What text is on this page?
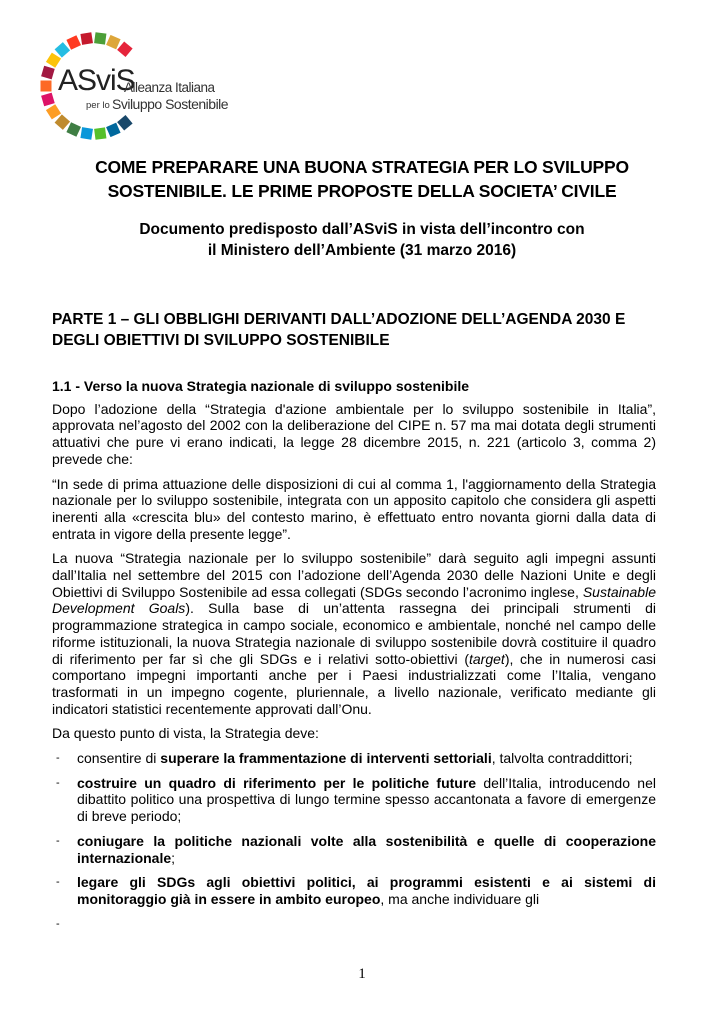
ASviS
Alleanza Italiana
per lo Sviluppo Sostenibile
COME PREPARARE UNA BUONA STRATEGIA PER LO SVILUPPO
SOSTENIBILE. LE PRIME PROPOSTE DELLA SOCIETA’ CIVILE
Documento predisposto dall’ASviS in vista dell’incontro con
il Ministero dell’Ambiente (31 marzo 2016)
PARTE 1 – GLI OBBLIGHI DERIVANTI DALL’ADOZIONE DELL’AGENDA 2030 E
DEGLI OBIETTIVI DI SVILUPPO SOSTENIBILE
1.1 - Verso la nuova Strategia nazionale di sviluppo sostenibile

Dopo l’adozione della “Strategia d'azione ambientale per lo sviluppo sostenibile in Italia”, approvata nel’agosto del 2002 con la deliberazione del CIPE n. 57 ma mai dotata degli strumenti attuativi che pure vi erano indicati, la legge 28 dicembre 2015, n. 221 (articolo 3, comma 2) prevede che:

“In sede di prima attuazione delle disposizioni di cui al comma 1, l'aggiornamento della Strategia nazionale per lo sviluppo sostenibile, integrata con un apposito capitolo che considera gli aspetti inerenti alla «crescita blu» del contesto marino, è effettuato entro novanta giorni dalla data di entrata in vigore della presente legge”.

La nuova “Strategia nazionale per lo sviluppo sostenibile” darà seguito agli impegni assunti dall’Italia nel settembre del 2015 con l’adozione dell’Agenda 2030 delle Nazioni Unite e degli Obiettivi di Sviluppo Sostenibile ad essa collegati (SDGs secondo l’acronimo inglese, Sustainable Development Goals). Sulla base di un’attenta rassegna dei principali strumenti di programmazione strategica in campo sociale, economico e ambientale, nonché nel campo delle riforme istituzionali, la nuova Strategia nazionale di sviluppo sostenibile dovrà costituire il quadro di riferimento per far sì che gli SDGs e i relativi sotto-obiettivi (target), che in numerosi casi comportano impegni importanti anche per i Paesi industrializzati come l’Italia, vengano trasformati in un impegno cogente, pluriennale, a livello nazionale, verificato mediante gli indicatori statistici recentemente approvati dall’Onu.

Da questo punto di vista, la Strategia deve:

- consentire di superare la frammentazione di interventi settoriali, talvolta contraddittori;
- costruire un quadro di riferimento per le politiche future dell’Italia, introducendo nel dibattito politico una prospettiva di lungo termine spesso accantonata a favore di emergenze di breve periodo;
- coniugare la politiche nazionali volte alla sostenibilità e quelle di cooperazione internazionale;
- legare gli SDGs agli obiettivi politici, ai programmi esistenti e ai sistemi di monitoraggio già in essere in ambito europeo, ma anche individuare gli
-
1
